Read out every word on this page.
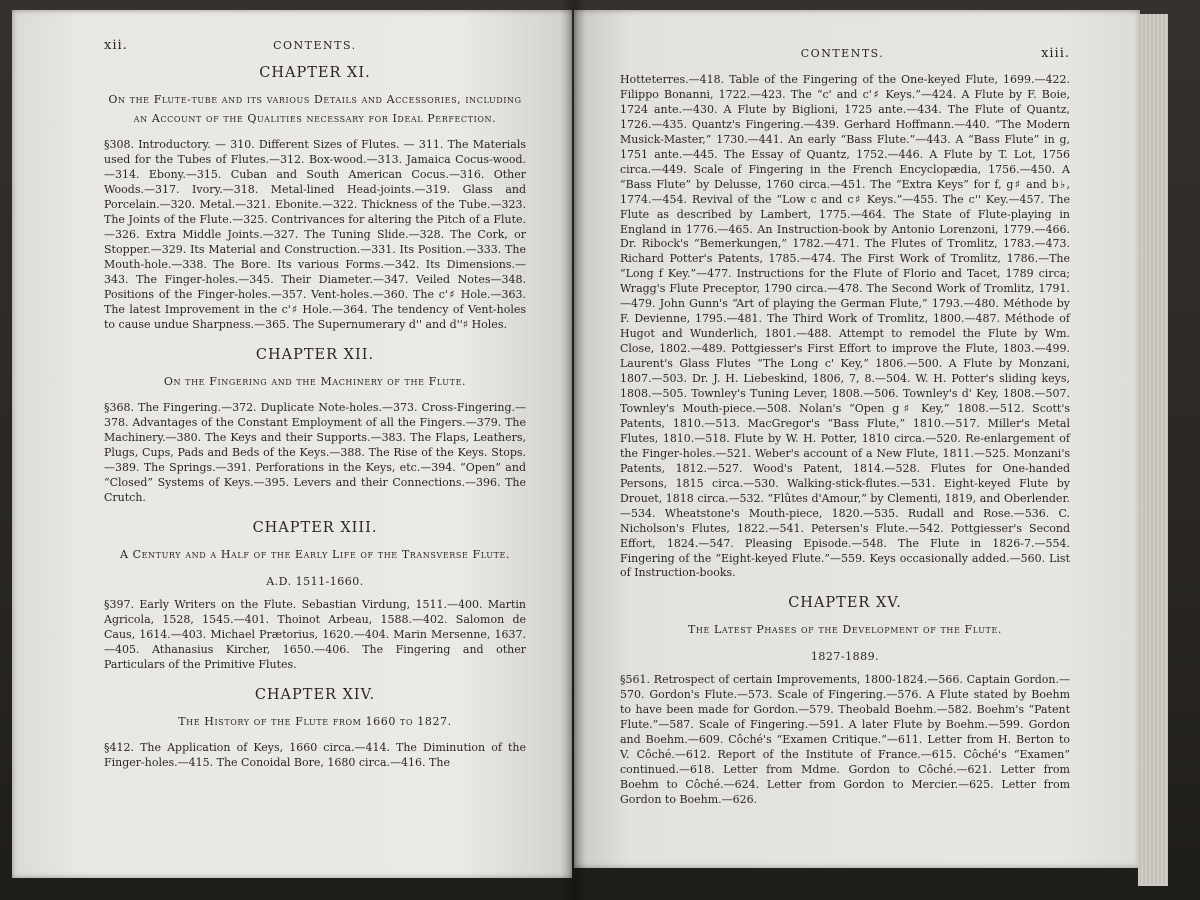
xii.	CONTENTS.
CHAPTER XI.
On the Flute-tube and its various Details and Accessories, including an Account of the Qualities necessary for Ideal Perfection.
§308. Introductory. — 310. Different Sizes of Flutes. — 311. The Materials used for the Tubes of Flutes.—312. Box-wood.—313. Jamaica Cocus-wood.—314. Ebony.—315. Cuban and South American Cocus.—316. Other Woods.—317. Ivory.—318. Metal-lined Head-joints.—319. Glass and Porcelain.—320. Metal.—321. Ebonite.—322. Thickness of the Tube.—323. The Joints of the Flute.—325. Contrivances for altering the Pitch of a Flute.—326. Extra Middle Joints.—327. The Tuning Slide.—328. The Cork, or Stopper.—329. Its Material and Construction.—331. Its Position.—333. The Mouth-hole.—338. The Bore. Its various Forms.—342. Its Dimensions.—343. The Finger-holes.—345. Their Diameter.—347. Veiled Notes—348. Positions of the Finger-holes.—357. Vent-holes.—360. The c'♯ Hole.—363. The latest Improvement in the c'♯ Hole.—364. The tendency of Vent-holes to cause undue Sharpness.—365. The Supernumerary d'' and d''♯ Holes.
CHAPTER XII.
On the Fingering and the Machinery of the Flute.
§368. The Fingering.—372. Duplicate Note-holes.—373. Cross-Fingering.—378. Advantages of the Constant Employment of all the Fingers.—379. The Machinery.—380. The Keys and their Supports.—383. The Flaps, Leathers, Plugs, Cups, Pads and Beds of the Keys.—388. The Rise of the Keys. Stops.—389. The Springs.—391. Perforations in the Keys, etc.—394. “Open” and “Closed” Systems of Keys.—395. Levers and their Connections.—396. The Crutch.
CHAPTER XIII.
A Century and a Half of the Early Life of the Transverse Flute.
A.D. 1511-1660.
§397. Early Writers on the Flute. Sebastian Virdung, 1511.—400. Martin Agricola, 1528, 1545.—401. Thoinot Arbeau, 1588.—402. Salomon de Caus, 1614.—403. Michael Prætorius, 1620.—404. Marin Mersenne, 1637.—405. Athanasius Kircher, 1650.—406. The Fingering and other Particulars of the Primitive Flutes.
CHAPTER XIV.
The History of the Flute from 1660 to 1827.
§412. The Application of Keys, 1660 circa.—414. The Diminution of the Finger-holes.—415. The Conoidal Bore, 1680 circa.—416. The
CONTENTS.	xiii.
Hotteterres.—418. Table of the Fingering of the One-keyed Flute, 1699.—422. Filippo Bonanni, 1722.—423. The “c' and c'♯ Keys.”—424. A Flute by F. Boie, 1724 ante.—430. A Flute by Biglioni, 1725 ante.—434. The Flute of Quantz, 1726.—435. Quantz's Fingering.—439. Gerhard Hoffmann.—440. “The Modern Musick-Master,” 1730.—441. An early “Bass Flute.”—443. A “Bass Flute” in g, 1751 ante.—445. The Essay of Quantz, 1752.—446. A Flute by T. Lot, 1756 circa.—449. Scale of Fingering in the French Encyclopædia, 1756.—450. A “Bass Flute” by Delusse, 1760 circa.—451. The “Extra Keys” for f, g♯ and b♭, 1774.—454. Revival of the “Low c and c♯ Keys.”—455. The c'' Key.—457. The Flute as described by Lambert, 1775.—464. The State of Flute-playing in England in 1776.—465. An Instruction-book by Antonio Lorenzoni, 1779.—466. Dr. Ribock's “Bemerkungen,” 1782.—471. The Flutes of Tromlitz, 1783.—473. Richard Potter's Patents, 1785.—474. The First Work of Tromlitz, 1786.—The “Long f Key.”—477. Instructions for the Flute of Florio and Tacet, 1789 circa; Wragg's Flute Preceptor, 1790 circa.—478. The Second Work of Tromlitz, 1791.—479. John Gunn's “Art of playing the German Flute,” 1793.—480. Méthode by F. Devienne, 1795.—481. The Third Work of Tromlitz, 1800.—487. Méthode of Hugot and Wunderlich, 1801.—488. Attempt to remodel the Flute by Wm. Close, 1802.—489. Pottgiesser's First Effort to improve the Flute, 1803.—499. Laurent's Glass Flutes “The Long c' Key,” 1806.—500. A Flute by Monzani, 1807.—503. Dr. J. H. Liebeskind, 1806, 7, 8.—504. W. H. Potter's sliding keys, 1808.—505. Townley's Tuning Lever, 1808.—506. Townley's d' Key, 1808.—507. Townley's Mouth-piece.—508. Nolan's “Open g♯ Key,” 1808.—512. Scott's Patents, 1810.—513. MacGregor's “Bass Flute,” 1810.—517. Miller's Metal Flutes, 1810.—518. Flute by W. H. Potter, 1810 circa.—520. Re-enlargement of the Finger-holes.—521. Weber's account of a New Flute, 1811.—525. Monzani's Patents, 1812.—527. Wood's Patent, 1814.—528. Flutes for One-handed Persons, 1815 circa.—530. Walking-stick-flutes.—531. Eight-keyed Flute by Drouet, 1818 circa.—532. “Flûtes d'Amour,” by Clementi, 1819, and Oberlender.—534. Wheatstone's Mouth-piece, 1820.—535. Rudall and Rose.—536. C. Nicholson's Flutes, 1822.—541. Petersen's Flute.—542. Pottgiesser's Second Effort, 1824.—547. Pleasing Episode.—548. The Flute in 1826-7.—554. Fingering of the “Eight-keyed Flute.”—559. Keys occasionally added.—560. List of Instruction-books.
CHAPTER XV.
The Latest Phases of the Development of the Flute.
1827-1889.
§561. Retrospect of certain Improvements, 1800-1824.—566. Captain Gordon.—570. Gordon's Flute.—573. Scale of Fingering.—576. A Flute stated by Boehm to have been made for Gordon.—579. Theobald Boehm.—582. Boehm's “Patent Flute.”—587. Scale of Fingering.—591. A later Flute by Boehm.—599. Gordon and Boehm.—609. Côché's “Examen Critique.”—611. Letter from H. Berton to V. Côché.—612. Report of the Institute of France.—615. Côché's “Examen” continued.—618. Letter from Mdme. Gordon to Côché.—621. Letter from Boehm to Côché.—624. Letter from Gordon to Mercier.—625. Letter from Gordon to Boehm.—626.
